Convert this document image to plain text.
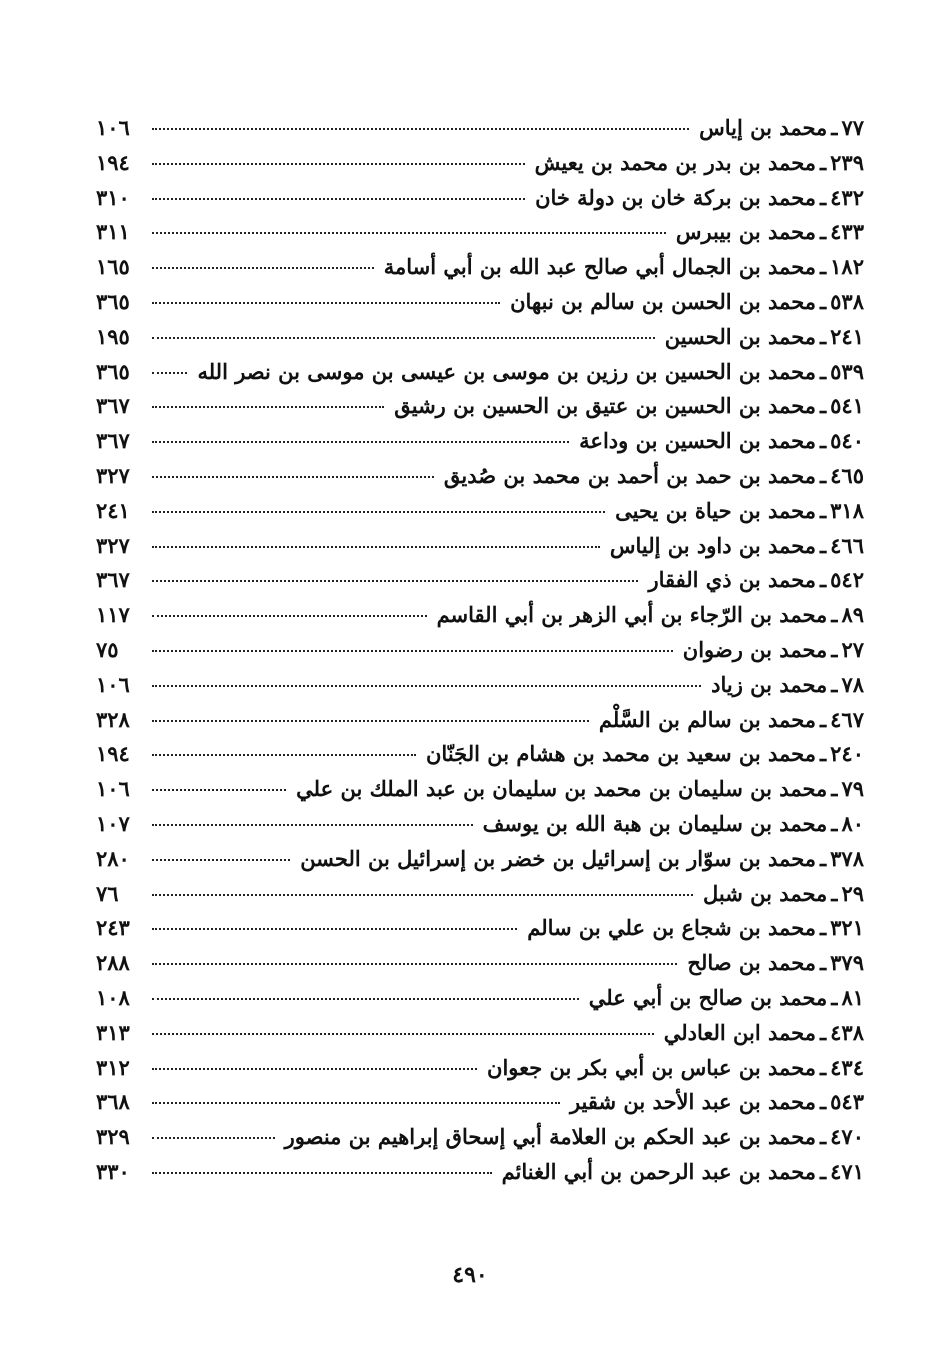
٧٧
ـ
محمد بن إياس
١٠٦
٢٣٩
ـ
محمد بن بدر بن محمد بن يعيش
١٩٤
٤٣٢
ـ
محمد بن بركة خان بن دولة خان
٣١٠
٤٣٣
ـ
محمد بن بيبرس
٣١١
١٨٢
ـ
محمد بن الجمال أبي صالح عبد الله بن أبي أسامة
١٦٥
٥٣٨
ـ
محمد بن الحسن بن سالم بن نبهان
٣٦٥
٢٤١
ـ
محمد بن الحسين
١٩٥
٥٣٩
ـ
محمد بن الحسين بن رزين بن موسى بن عيسى بن موسى بن نصر الله
٣٦٥
٥٤١
ـ
محمد بن الحسين بن عتيق بن الحسين بن رشيق
٣٦٧
٥٤٠
ـ
محمد بن الحسين بن وداعة
٣٦٧
٤٦٥
ـ
محمد بن حمد بن أحمد بن محمد بن صُديق
٣٢٧
٣١٨
ـ
محمد بن حياة بن يحيى
٢٤١
٤٦٦
ـ
محمد بن داود بن إلياس
٣٢٧
٥٤٢
ـ
محمد بن ذي الفقار
٣٦٧
٨٩
ـ
محمد بن الرّجاء بن أبي الزهر بن أبي القاسم
١١٧
٢٧
ـ
محمد بن رضوان
٧٥
٧٨
ـ
محمد بن زياد
١٠٦
٤٦٧
ـ
محمد بن سالم بن السَّلْم
٣٢٨
٢٤٠
ـ
محمد بن سعيد بن محمد بن هشام بن الجَنّان
١٩٤
٧٩
ـ
محمد بن سليمان بن محمد بن سليمان بن عبد الملك بن علي
١٠٦
٨٠
ـ
محمد بن سليمان بن هبة الله بن يوسف
١٠٧
٣٧٨
ـ
محمد بن سوّار بن إسرائيل بن خضر بن إسرائيل بن الحسن
٢٨٠
٢٩
ـ
محمد بن شبل
٧٦
٣٢١
ـ
محمد بن شجاع بن علي بن سالم
٢٤٣
٣٧٩
ـ
محمد بن صالح
٢٨٨
٨١
ـ
محمد بن صالح بن أبي علي
١٠٨
٤٣٨
ـ
محمد ابن العادلي
٣١٣
٤٣٤
ـ
محمد بن عباس بن أبي بكر بن جعوان
٣١٢
٥٤٣
ـ
محمد بن عبد الأحد بن شقير
٣٦٨
٤٧٠
ـ
محمد بن عبد الحكم بن العلامة أبي إسحاق إبراهيم بن منصور
٣٢٩
٤٧١
ـ
محمد بن عبد الرحمن بن أبي الغنائم
٣٣٠
٤٩٠
